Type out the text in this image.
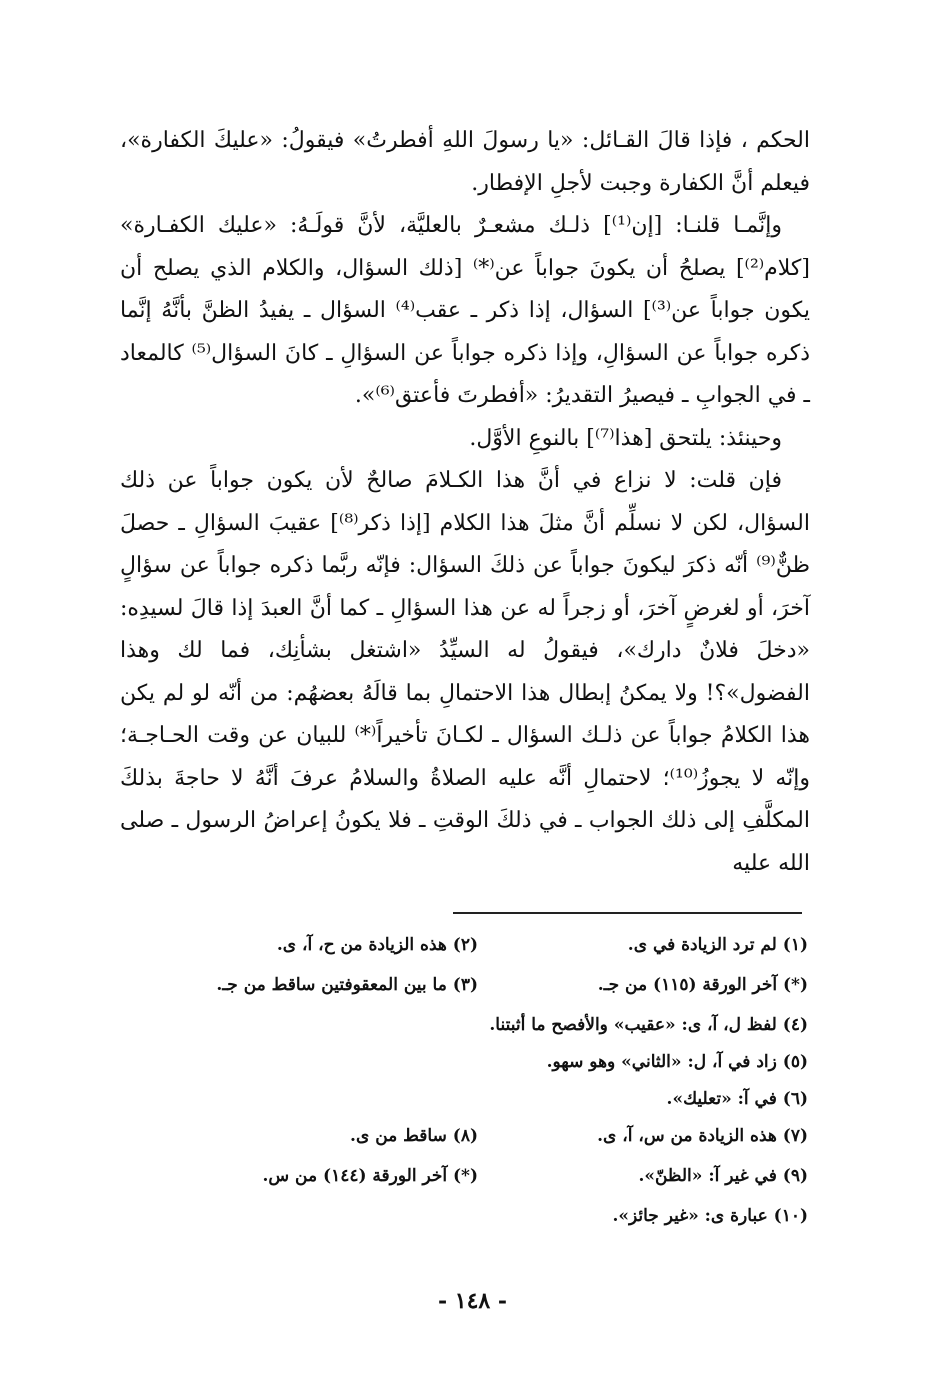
الحكم ، فإذا قالَ القـائل: «يا رسولَ اللهِ أفطرتُ» فيقولُ: «عليكَ الكفارة»، فيعلم أنَّ الكفارة وجبت لأجلِ الإفطار.

وإنَّمـا قلنـا: [إن⁽¹⁾] ذلـك مشعـرٌ بالعليَّة، لأنَّ قولَـهُ: «عليك الكفـارة» [كلام⁽²⁾] يصلحُ أن يكونَ جواباً عن⁽*⁾ [ذلك السؤال، والكلام الذي يصلح أن يكون جواباً عن⁽³⁾] السؤال، إذا ذكر ـ عقب⁽⁴⁾ السؤال ـ يفيدُ الظنَّ بأنَّهُ إنَّما ذكره جواباً عن السؤالِ، وإذا ذكره جواباً عن السؤالِ ـ كانَ السؤال⁽⁵⁾ كالمعاد ـ في الجوابِ ـ فيصيرُ التقديرُ: «أفطرتَ فأعتق⁽⁶⁾».

وحينئذ: يلتحق [هذا⁽⁷⁾] بالنوعِ الأوَّل.

فإن قلت: لا نزاع في أنَّ هذا الكـلامَ صالحٌ لأن يكون جواباً عن ذلك السؤال، لكن لا نسلِّم أنَّ مثلَ هذا الكلام [إذا ذكر⁽⁸⁾] عقيبَ السؤالِ ـ حصلَ ظنٌّ⁽⁹⁾ أنّه ذكرَ ليكونَ جواباً عن ذلكَ السؤال: فإنّه ربَّما ذكره جواباً عن سؤالٍ آخرَ، أو لغرضٍ آخرَ، أو زجراً له عن هذا السؤالِ ـ كما أنَّ العبدَ إذا قالَ لسيدِه: «دخلَ فلانٌ دارك»، فيقولُ له السيِّدُ «اشتغل بشأنِك، فما لك وهذا الفضول»؟! ولا يمكنُ إبطال هذا الاحتمالِ بما قالَهُ بعضهُم: من أنّه لو لم يكن هذا الكلامُ جواباً عن ذلـك السؤال ـ لكـانَ تأخيراً⁽*⁾ للبيان عن وقت الحـاجـة؛ وإنّه لا يجوزُ⁽¹⁰⁾؛ لاحتمالِ أنَّه عليه الصلاةُ والسلامُ عرفَ أنَّهُ لا حاجةَ بذلكَ المكلَّفِ إلى ذلك الجواب ـ في ذلكَ الوقتِ ـ فلا يكونُ إعراضُ الرسول ـ صلى الله عليه

(١) لم ترد الزيادة في ى.
(٢) هذه الزيادة من ح، آ، ى.
(*) آخر الورقة (١١٥) من جـ.
(٣) ما بين المعقوفتين ساقط من جـ.
(٤) لفظ ل، آ، ى: «عقيب» والأفصح ما أثبتنا.
(٥) زاد في آ، ل: «الثاني» وهو سهو.
(٦) في آ: «تعليك».
(٧) هذه الزيادة من س، آ، ى.
(٨) ساقط من ى.
(٩) في غير آ: «الظنّ».
(*) آخر الورقة (١٤٤) من س.
(١٠) عبارة ى: «غير جائز».
- ١٤٨ -
